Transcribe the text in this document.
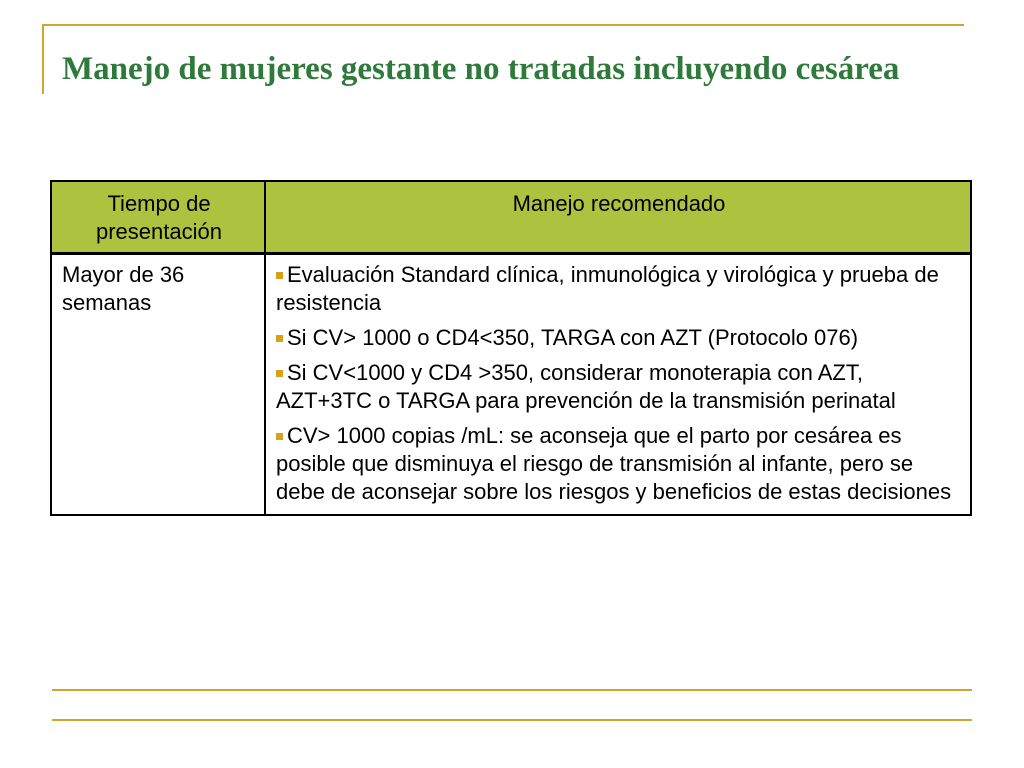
Manejo de mujeres gestante no tratadas incluyendo cesárea
Tiempo de presentación	Manejo recomendado
Mayor de 36 semanas	Evaluación Standard clínica, inmunológica y virológica y prueba de resistencia
Si CV> 1000 o CD4<350, TARGA con AZT (Protocolo 076)
Si CV<1000 y CD4 >350, considerar monoterapia con AZT, AZT+3TC o TARGA para prevención de la transmisión perinatal
CV> 1000 copias /mL: se aconseja que el parto por cesárea es posible que disminuya el riesgo de transmisión al infante, pero se debe de aconsejar sobre los riesgos y beneficios de estas decisiones
